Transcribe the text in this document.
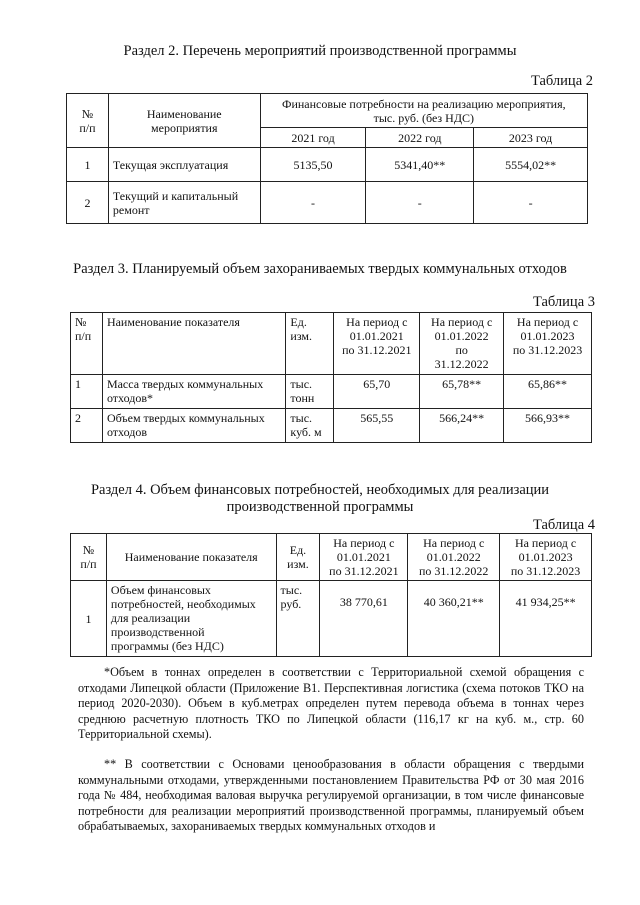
Раздел 2. Перечень мероприятий производственной программы
Таблица 2
№
п/п	Наименование
мероприятия	Финансовые потребности на реализацию мероприятия,
тыс. руб. (без НДС)		
		2021 год	2022 год	2023 год
1	Текущая эксплуатация	5135,50	5341,40**	5554,02**
2	Текущий и капитальный ремонт	-	-	-
Раздел 3. Планируемый объем захораниваемых твердых коммунальных отходов
Таблица 3
№
п/п	Наименование показателя	Ед.
изм.	На период с
01.01.2021
по 31.12.2021	На период с
01.01.2022
по
31.12.2022	На период с
01.01.2023
по 31.12.2023
1	Масса твердых коммунальных отходов*	тыс.
тонн	65,70	65,78**	65,86**
2	Объем твердых коммунальных отходов	тыс.
куб. м	565,55	566,24**	566,93**
Раздел 4. Объем финансовых потребностей, необходимых для реализации
производственной программы
Таблица 4
№
п/п	Наименование показателя	Ед.
изм.	На период с
01.01.2021
по 31.12.2021	На период с
01.01.2022
по 31.12.2022	На период с
01.01.2023
по 31.12.2023
1	Объем финансовых
потребностей, необходимых
для реализации
производственной
программы (без НДС)	тыс.
руб.	38 770,61	40 360,21**	41 934,25**

*Объем в тоннах определен в соответствии с Территориальной схемой обращения с отходами Липецкой области (Приложение В1. Перспективная логистика (схема потоков ТКО на период 2020-2030). Объем в куб.метрах определен путем перевода объема в тоннах через среднюю расчетную плотность ТКО по Липецкой области (116,17 кг на куб. м., стр. 60 Территориальной схемы).

** В соответствии с Основами ценообразования в области обращения с твердыми коммунальными отходами, утвержденными постановлением Правительства РФ от 30 мая 2016 года № 484, необходимая валовая выручка регулируемой организации, в том числе финансовые потребности для реализации мероприятий производственной программы, планируемый объем обрабатываемых, захораниваемых твердых коммунальных отходов и
